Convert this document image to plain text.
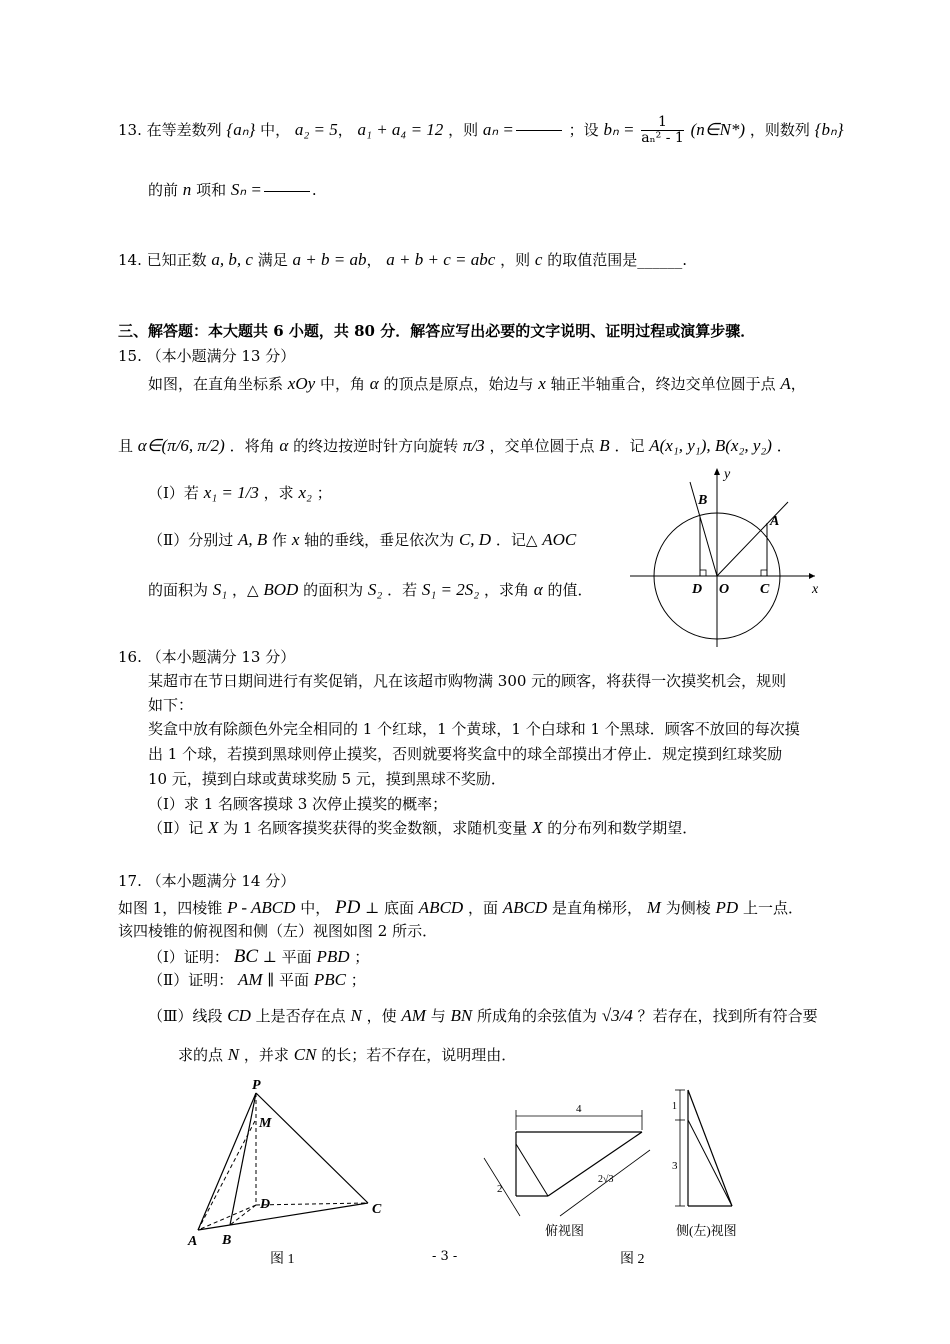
13. 在等差数列 {aₙ} 中， a₂ = 5， a₁ + a₄ = 12 ，则 aₙ =	；设 $b_n = \frac{1}{\text{aₙ² - 1}}$ (n∈N*) ，则数列 {bₙ}
的前 n 项和 Sₙ =	.
14. 已知正数 a, b, c 满足 a + b = ab， a + b + c = abc ，则 c 的取值范围是______.
三、解答题：本大题共 6 小题，共 80 分．解答应写出必要的文字说明、证明过程或演算步骤．
15. （本小题满分 13 分）
如图，在直角坐标系 xOy 中，角 α 的顶点是原点，始边与 x 轴正半轴重合，终边交单位圆于点 A，
且 α∈(π/6, π/2) ．将角 α 的终边按逆时针方向旋转 π/3 ，交单位圆于点 B ．记 A(x₁, y₁), B(x₂, y₂) ．
（Ⅰ）若 x₁ = 1/3 ，求 x₂ ；
（Ⅱ）分别过 A, B 作 x 轴的垂线，垂足依次为 C, D ．记△ AOC
的面积为 S₁ ，△ BOD 的面积为 S₂ ．若 S₁ = 2S₂ ，求角 α 的值．
B
A
D O C	x
y
16. （本小题满分 13 分）
某超市在节日期间进行有奖促销，凡在该超市购物满 300 元的顾客，将获得一次摸奖机会，规则
如下：
奖盒中放有除颜色外完全相同的 1 个红球，1 个黄球，1 个白球和 1 个黑球．顾客不放回的每次摸
出 1 个球，若摸到黑球则停止摸奖，否则就要将奖盒中的球全部摸出才停止．规定摸到红球奖励
10 元，摸到白球或黄球奖励 5 元，摸到黑球不奖励．
（Ⅰ）求 1 名顾客摸球 3 次停止摸奖的概率；
（Ⅱ）记 X 为 1 名顾客摸奖获得的奖金数额，求随机变量 X 的分布列和数学期望．
17. （本小题满分 14 分）
如图 1，四棱锥 P - ABCD 中， PD ⊥ 底面 ABCD ，面 ABCD 是直角梯形， M 为侧棱 PD 上一点．
该四棱锥的俯视图和侧（左）视图如图 2 所示．
（Ⅰ）证明： BC ⊥ 平面 PBD ；
（Ⅱ）证明： AM ∥ 平面 PBC ；
（Ⅲ）线段 CD 上是否存在点 N ，使 AM 与 BN 所成角的余弦值为 √3/4 ？若存在，找到所有符合要
求的点 N ，并求 CN 的长；若不存在，说明理由．
P
M
D	C
A B
图 1	- 3 -
4
2
2√3
俯视图
1
3
侧(左)视图
图 2
